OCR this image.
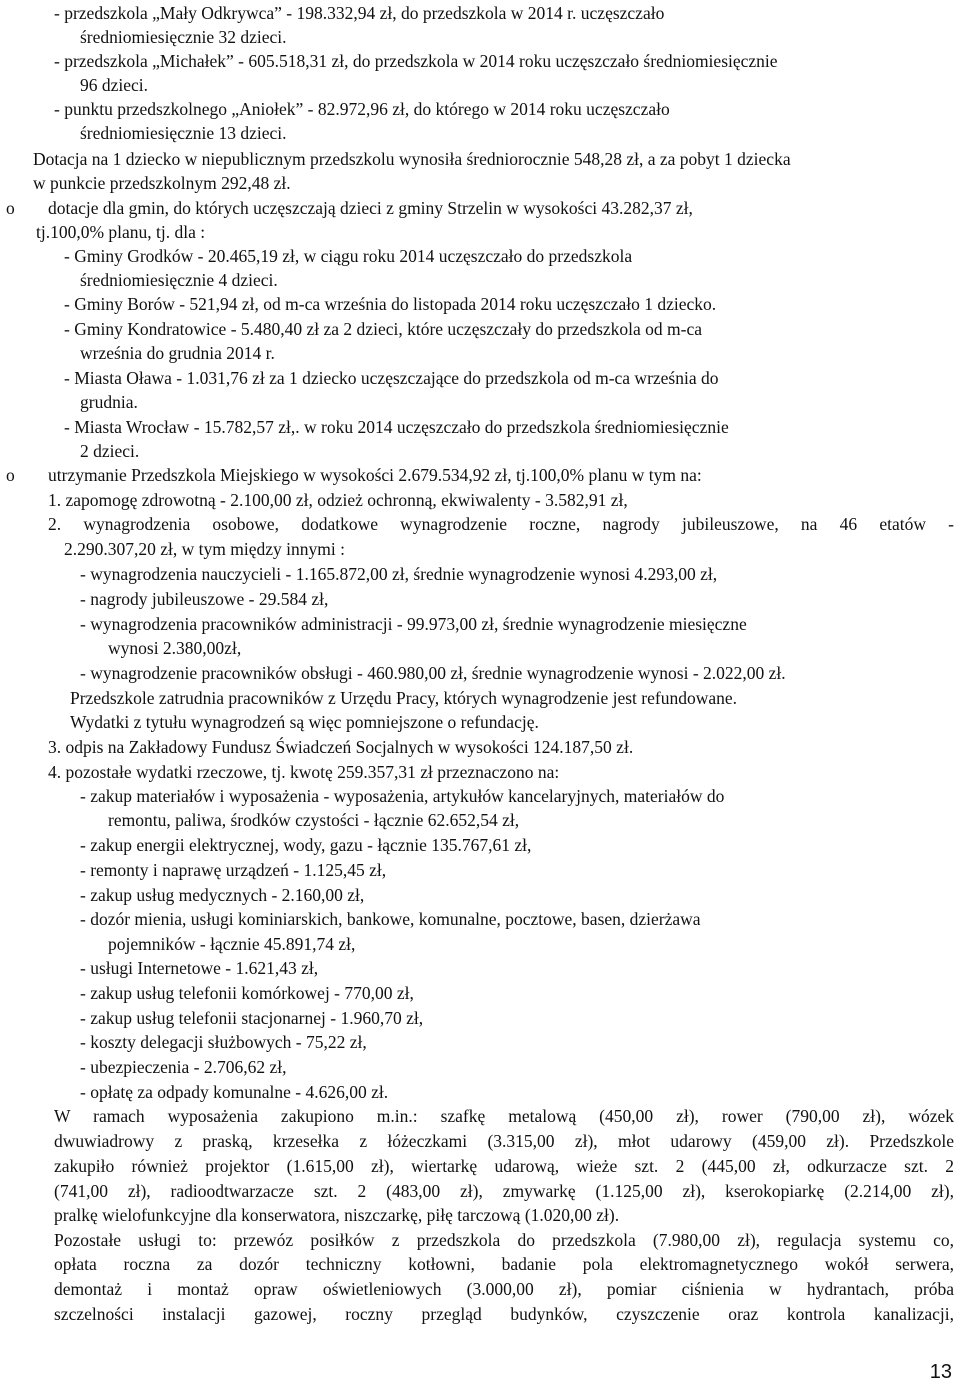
- przedszkola „Mały Odkrywca” - 198.332,94 zł, do przedszkola w 2014 r. uczęszczało
średniomiesięcznie 32 dzieci.
- przedszkola „Michałek” - 605.518,31 zł, do przedszkola w 2014 roku uczęszczało średniomiesięcznie
96 dzieci.
- punktu przedszkolnego „Aniołek” - 82.972,96 zł, do którego w 2014 roku uczęszczało
średniomiesięcznie 13 dzieci.
Dotacja na 1 dziecko w niepublicznym przedszkolu wynosiła średniorocznie 548,28 zł, a za pobyt 1 dziecka
w punkcie przedszkolnym 292,48 zł.
o dotacje dla gmin, do których uczęszczają dzieci z gminy Strzelin w wysokości 43.282,37 zł,
tj.100,0% planu, tj. dla :
- Gminy Grodków - 20.465,19 zł, w ciągu roku 2014 uczęszczało do przedszkola
średniomiesięcznie 4 dzieci.
- Gminy Borów - 521,94 zł, od m-ca września do listopada 2014 roku uczęszczało 1 dziecko.
- Gminy Kondratowice - 5.480,40 zł za 2 dzieci, które uczęszczały do przedszkola od m-ca
września do grudnia 2014 r.
- Miasta Oława - 1.031,76 zł za 1 dziecko uczęszczające do przedszkola od m-ca września do
grudnia.
- Miasta Wrocław - 15.782,57 zł,. w roku 2014 uczęszczało do przedszkola średniomiesięcznie
2 dzieci.
o utrzymanie Przedszkola Miejskiego w wysokości 2.679.534,92 zł, tj.100,0% planu w tym na:
1. zapomogę zdrowotną - 2.100,00 zł, odzież ochronną, ekwiwalenty - 3.582,91 zł,
2. wynagrodzenia osobowe, dodatkowe wynagrodzenie roczne, nagrody jubileuszowe, na 46 etatów -
2.290.307,20 zł, w tym między innymi :
- wynagrodzenia nauczycieli - 1.165.872,00 zł, średnie wynagrodzenie wynosi 4.293,00 zł,
- nagrody jubileuszowe - 29.584 zł,
- wynagrodzenia pracowników administracji - 99.973,00 zł, średnie wynagrodzenie miesięczne
wynosi 2.380,00zł,
- wynagrodzenie pracowników obsługi - 460.980,00 zł, średnie wynagrodzenie wynosi - 2.022,00 zł.
Przedszkole zatrudnia pracowników z Urzędu Pracy, których wynagrodzenie jest refundowane.
Wydatki z tytułu wynagrodzeń są więc pomniejszone o refundację.
3. odpis na Zakładowy Fundusz Świadczeń Socjalnych w wysokości 124.187,50 zł.
4. pozostałe wydatki rzeczowe, tj. kwotę 259.357,31 zł przeznaczono na:
- zakup materiałów i wyposażenia - wyposażenia, artykułów kancelaryjnych, materiałów do
remontu, paliwa, środków czystości - łącznie 62.652,54 zł,
- zakup energii elektrycznej, wody, gazu - łącznie 135.767,61 zł,
- remonty i naprawę urządzeń - 1.125,45 zł,
- zakup usług medycznych - 2.160,00 zł,
- dozór mienia, usługi kominiarskich, bankowe, komunalne, pocztowe, basen, dzierżawa
pojemników - łącznie 45.891,74 zł,
- usługi Internetowe - 1.621,43 zł,
- zakup usług telefonii komórkowej - 770,00 zł,
- zakup usług telefonii stacjonarnej - 1.960,70 zł,
- koszty delegacji służbowych - 75,22 zł,
- ubezpieczenia - 2.706,62 zł,
- opłatę za odpady komunalne - 4.626,00 zł.
W ramach wyposażenia zakupiono m.in.: szafkę metalową (450,00 zł), rower (790,00 zł), wózek
dwuwiadrowy z praską, krzesełka z łóżeczkami (3.315,00 zł), młot udarowy (459,00 zł). Przedszkole
zakupiło również projektor (1.615,00 zł), wiertarkę udarową, wieże szt. 2 (445,00 zł, odkurzacze szt. 2
(741,00 zł), radioodtwarzacze szt. 2 (483,00 zł), zmywarkę (1.125,00 zł), kserokopiarkę (2.214,00 zł),
pralkę wielofunkcyjne dla konserwatora, niszczarkę, piłę tarczową (1.020,00 zł).
Pozostałe usługi to: przewóz posiłków z przedszkola do przedszkola (7.980,00 zł), regulacja systemu co,
opłata roczna za dozór techniczny kotłowni, badanie pola elektromagnetycznego wokół serwera,
demontaż i montaż opraw oświetleniowych (3.000,00 zł), pomiar ciśnienia w hydrantach, próba
szczelności instalacji gazowej, roczny przegląd budynków, czyszczenie oraz kontrola kanalizacji,
13
